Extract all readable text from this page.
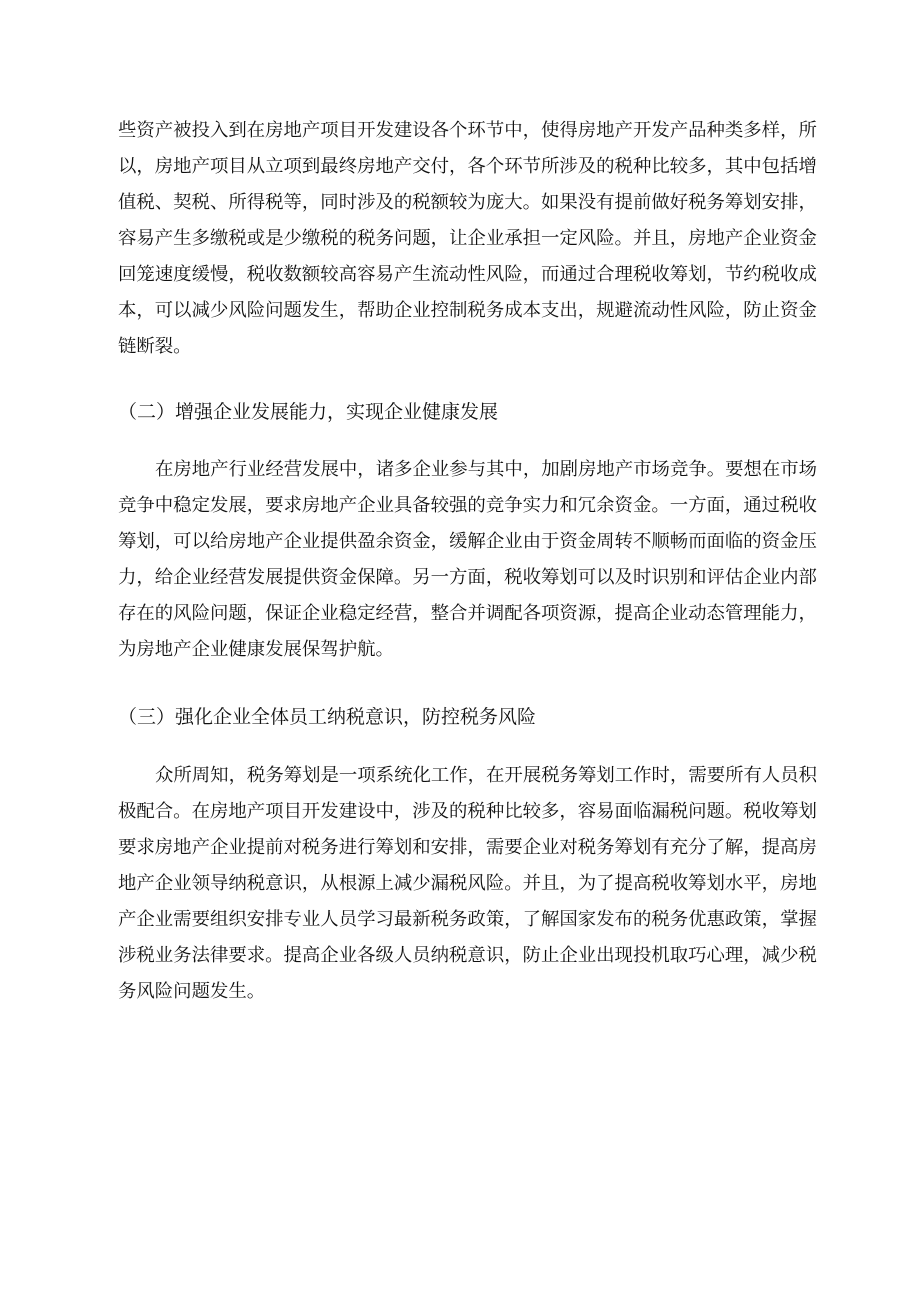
些资产被投入到在房地产项目开发建设各个环节中，使得房地产开发产品种类多样，所
以，房地产项目从立项到最终房地产交付，各个环节所涉及的税种比较多，其中包括增
值税、契税、所得税等，同时涉及的税额较为庞大。如果没有提前做好税务筹划安排，
容易产生多缴税或是少缴税的税务问题，让企业承担一定风险。并且，房地产企业资金
回笼速度缓慢，税收数额较高容易产生流动性风险，而通过合理税收筹划，节约税收成
本，可以减少风险问题发生，帮助企业控制税务成本支出，规避流动性风险，防止资金
链断裂。
（二）增强企业发展能力，实现企业健康发展
在房地产行业经营发展中，诸多企业参与其中，加剧房地产市场竞争。要想在市场
竞争中稳定发展，要求房地产企业具备较强的竞争实力和冗余资金。一方面，通过税收
筹划，可以给房地产企业提供盈余资金，缓解企业由于资金周转不顺畅而面临的资金压
力，给企业经营发展提供资金保障。另一方面，税收筹划可以及时识别和评估企业内部
存在的风险问题，保证企业稳定经营，整合并调配各项资源，提高企业动态管理能力，
为房地产企业健康发展保驾护航。
（三）强化企业全体员工纳税意识，防控税务风险
众所周知，税务筹划是一项系统化工作，在开展税务筹划工作时，需要所有人员积
极配合。在房地产项目开发建设中，涉及的税种比较多，容易面临漏税问题。税收筹划
要求房地产企业提前对税务进行筹划和安排，需要企业对税务筹划有充分了解，提高房
地产企业领导纳税意识，从根源上减少漏税风险。并且，为了提高税收筹划水平，房地
产企业需要组织安排专业人员学习最新税务政策，了解国家发布的税务优惠政策，掌握
涉税业务法律要求。提高企业各级人员纳税意识，防止企业出现投机取巧心理，减少税
务风险问题发生。
